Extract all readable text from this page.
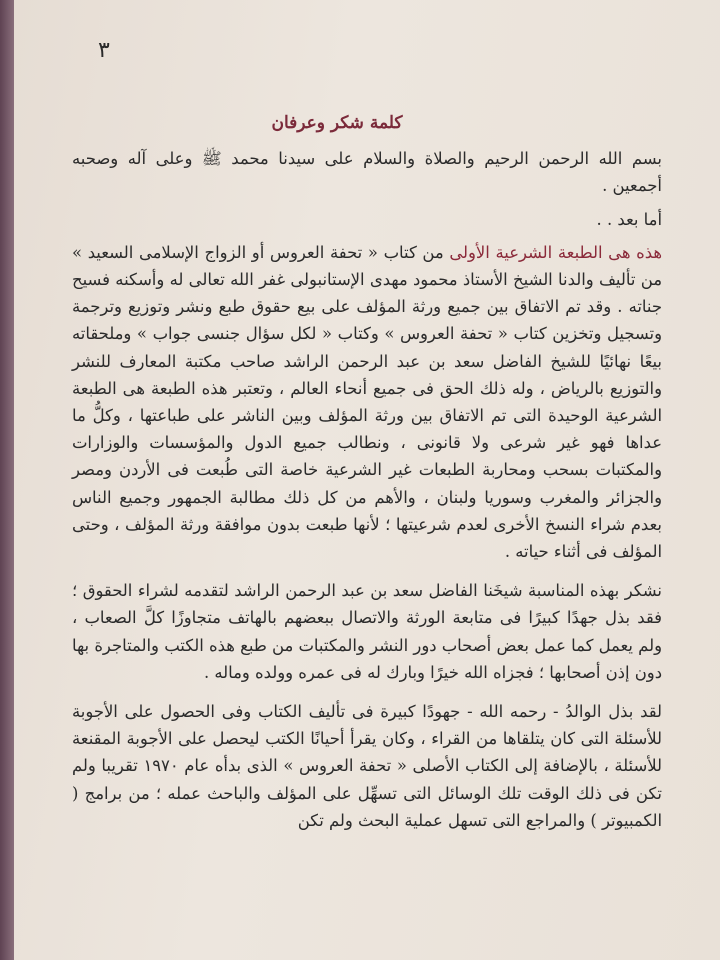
٣
كلمة شكر وعرفان

بسم الله الرحمن الرحيم والصلاة والسلام على سيدنا محمد ﷺ وعلى آله وصحبه أجمعين .

أما بعد . .

هذه هى الطبعة الشرعية الأولى من كتاب « تحفة العروس أو الزواج الإسلامى السعيد » من تأليف والدنا الشيخ الأستاذ محمود مهدى الإستانبولى غفر الله تعالى له وأسكنه فسيح جناته . وقد تم الاتفاق بين جميع ورثة المؤلف على بيع حقوق طبع ونشر وتوزيع وترجمة وتسجيل وتخزين كتاب « تحفة العروس » وكتاب « لكل سؤال جنسى جواب » وملحقاته بيعًا نهائيًا للشيخ الفاضل سعد بن عبد الرحمن الراشد صاحب مكتبة المعارف للنشر والتوزيع بالرياض ، وله ذلك الحق فى جميع أنحاء العالم ، وتعتبر هذه الطبعة هى الطبعة الشرعية الوحيدة التى تم الاتفاق بين ورثة المؤلف وبين الناشر على طباعتها ، وكلُّ ما عداها فهو غير شرعى ولا قانونى ، ونطالب جميع الدول والمؤسسات والوزارات والمكتبات بسحب ومحاربة الطبعات غير الشرعية خاصة التى طُبعت فى الأردن ومصر والجزائر والمغرب وسوريا ولبنان ، والأهم من كل ذلك مطالبة الجمهور وجميع الناس بعدم شراء النسخ الأخرى لعدم شرعيتها ؛ لأنها طبعت بدون موافقة ورثة المؤلف ، وحتى المؤلف فى أثناء حياته .

نشكر بهذه المناسبة شيخَنا الفاضل سعد بن عبد الرحمن الراشد لتقدمه لشراء الحقوق ؛ فقد بذل جهدًا كبيرًا فى متابعة الورثة والاتصال ببعضهم بالهاتف متجاوزًا كلَّ الصعاب ، ولم يعمل كما عمل بعض أصحاب دور النشر والمكتبات من طبع هذه الكتب والمتاجرة بها دون إذن أصحابها ؛ فجزاه الله خيرًا وبارك له فى عمره وولده وماله .

لقد بذل الوالدُ - رحمه الله - جهودًا كبيرة فى تأليف الكتاب وفى الحصول على الأجوبة للأسئلة التى كان يتلقاها من القراء ، وكان يقرأ أحيانًا الكتب ليحصل على الأجوبة المقنعة للأسئلة ، بالإضافة إلى الكتاب الأصلى « تحفة العروس » الذى بدأه عام ١٩٧٠ تقريبا ولم تكن فى ذلك الوقت تلك الوسائل التى تسهِّل على المؤلف والباحث عمله ؛ من برامج ( الكمبيوتر ) والمراجع التى تسهل عملية البحث ولم تكن
